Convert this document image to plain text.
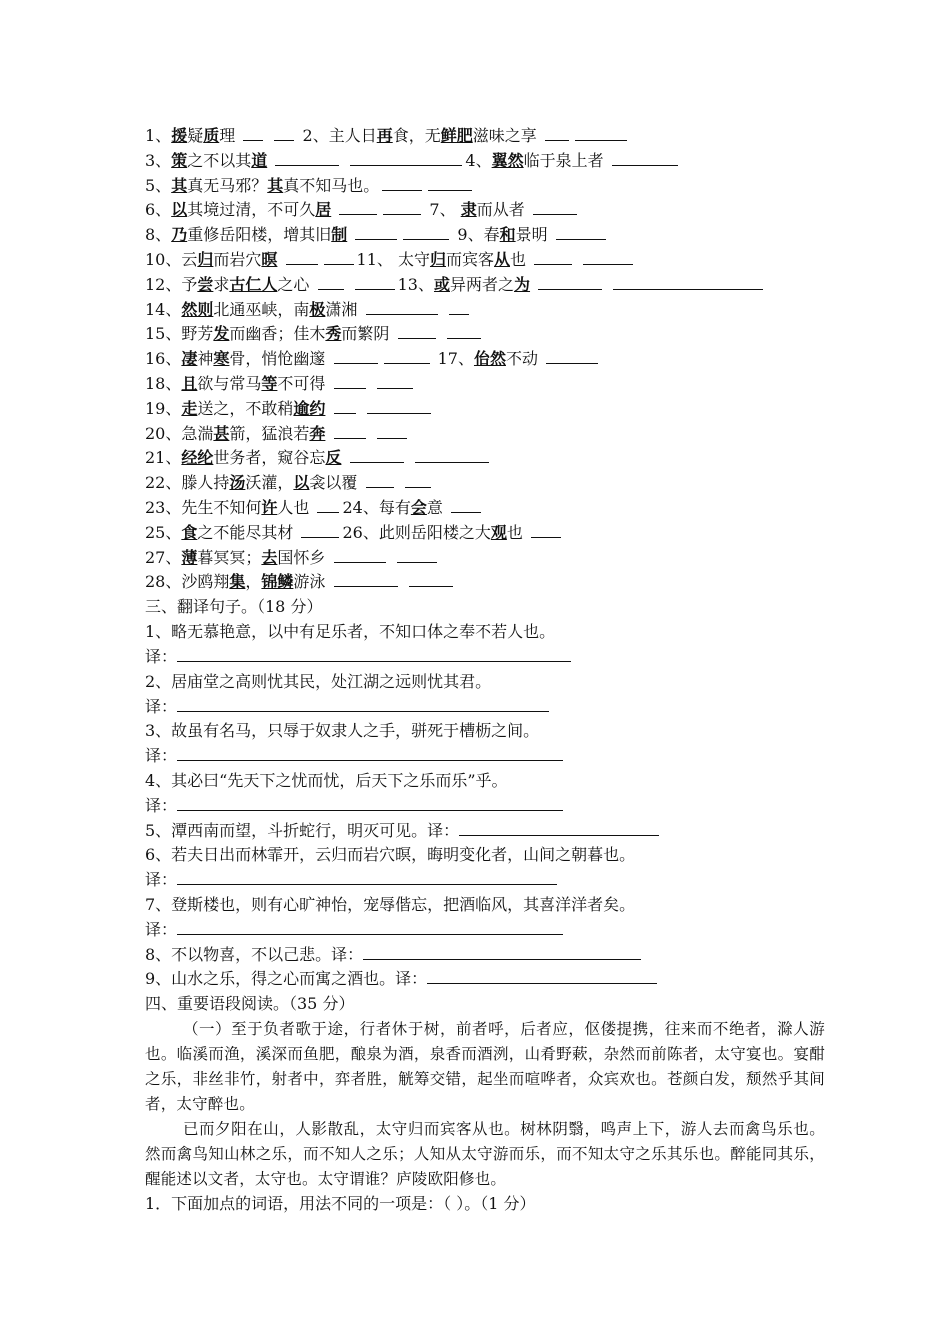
1、援疑质理	2、主人日再食，无鲜肥滋味之享
3、策之不以其道	4、翼然临于泉上者
5、其真无马邪？其真不知马也。
6、以其境过清，不可久居	7、 隶而从者
8、乃重修岳阳楼，增其旧制	9、春和景明
10、云归而岩穴暝	11、 太守归而宾客从也
12、予尝求古仁人之心	13、或异两者之为
14、然则北通巫峡，南极潇湘
15、野芳发而幽香；佳木秀而繁阴
16、凄神寒骨，悄怆幽邃	17、佁然不动
18、且欲与常马等不可得
19、走送之，不敢稍逾约
20、急湍甚箭，猛浪若奔
21、经纶世务者，窥谷忘反
22、滕人持汤沃灌，以衾以覆
23、先生不知何许人也 24、每有会意
25、食之不能尽其材	26、此则岳阳楼之大观也
27、薄暮冥冥；去国怀乡
28、沙鸥翔集，锦鳞游泳
三、翻译句子。（18 分）
1、略无慕艳意，以中有足乐者，不知口体之奉不若人也。
译：
2、居庙堂之高则忧其民，处江湖之远则忧其君。
译：
3、故虽有名马，只辱于奴隶人之手，骈死于槽枥之间。
译：
4、其必曰“先天下之忧而忧，后天下之乐而乐”乎。
译：
5、潭西南而望，斗折蛇行，明灭可见。译：
6、若夫日出而林霏开，云归而岩穴暝，晦明变化者，山间之朝暮也。
译：
7、登斯楼也，则有心旷神怡，宠辱偕忘，把酒临风，其喜洋洋者矣。
译：
8、不以物喜，不以己悲。译：
9、山水之乐，得之心而寓之酒也。译：
四、重要语段阅读。（35 分）
（一）至于负者歌于途，行者休于树，前者呼，后者应，伛偻提携，往来而不绝者，滁人游也。临溪而渔，溪深而鱼肥，酿泉为酒，泉香而酒洌，山肴野蔌，杂然而前陈者，太守宴也。宴酣之乐，非丝非竹，射者中，弈者胜，觥筹交错，起坐而喧哗者，众宾欢也。苍颜白发，颓然乎其间者，太守醉也。
已而夕阳在山，人影散乱，太守归而宾客从也。树林阴翳，鸣声上下，游人去而禽鸟乐也。然而禽鸟知山林之乐，而不知人之乐；人知从太守游而乐，而不知太守之乐其乐也。醉能同其乐，醒能述以文者，太守也。太守谓谁？庐陵欧阳修也。
1．下面加点的词语，用法不同的一项是：（ ）。（1 分）
